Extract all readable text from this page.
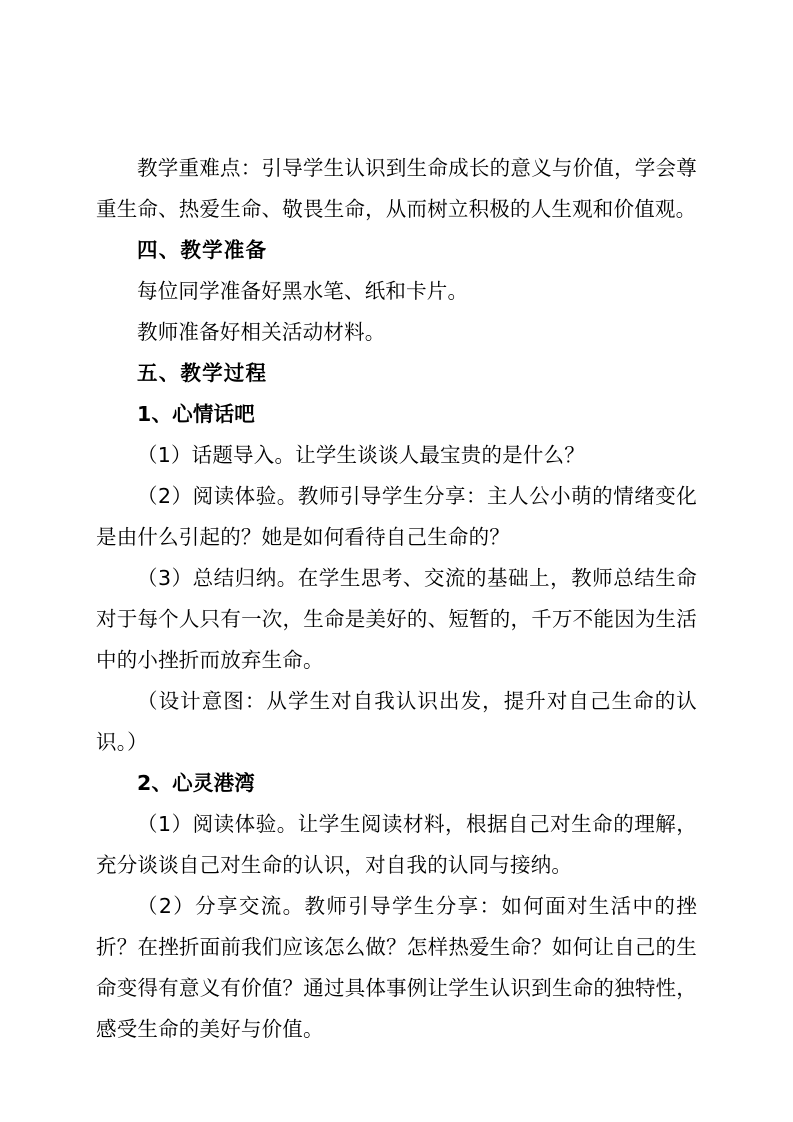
教学重难点：引导学生认识到生命成长的意义与价值，学会尊重生命、热爱生命、敬畏生命，从而树立积极的人生观和价值观。

四、教学准备

每位同学准备好黑水笔、纸和卡片。

教师准备好相关活动材料。

五、教学过程

1、心情话吧

（1）话题导入。让学生谈谈人最宝贵的是什么？

（2）阅读体验。教师引导学生分享：主人公小萌的情绪变化是由什么引起的？她是如何看待自己生命的？

（3）总结归纳。在学生思考、交流的基础上，教师总结生命对于每个人只有一次，生命是美好的、短暂的，千万不能因为生活中的小挫折而放弃生命。

（设计意图：从学生对自我认识出发，提升对自己生命的认识。）

2、心灵港湾

（1）阅读体验。让学生阅读材料，根据自己对生命的理解，充分谈谈自己对生命的认识，对自我的认同与接纳。

（2）分享交流。教师引导学生分享：如何面对生活中的挫折？在挫折面前我们应该怎么做？怎样热爱生命？如何让自己的生命变得有意义有价值？通过具体事例让学生认识到生命的独特性，感受生命的美好与价值。
